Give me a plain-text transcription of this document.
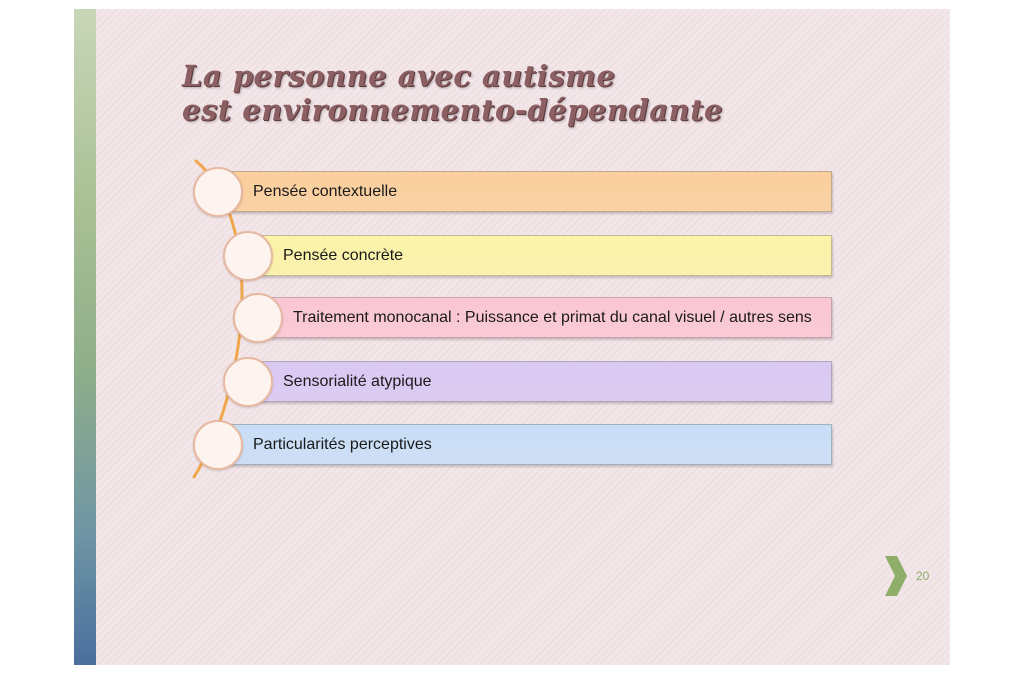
La personne avec autisme
est environnemento-dépendante
Pensée contextuelle
Pensée concrète
Traitement monocanal : Puissance et primat du canal visuel / autres sens
Sensorialité atypique
Particularités perceptives
20
